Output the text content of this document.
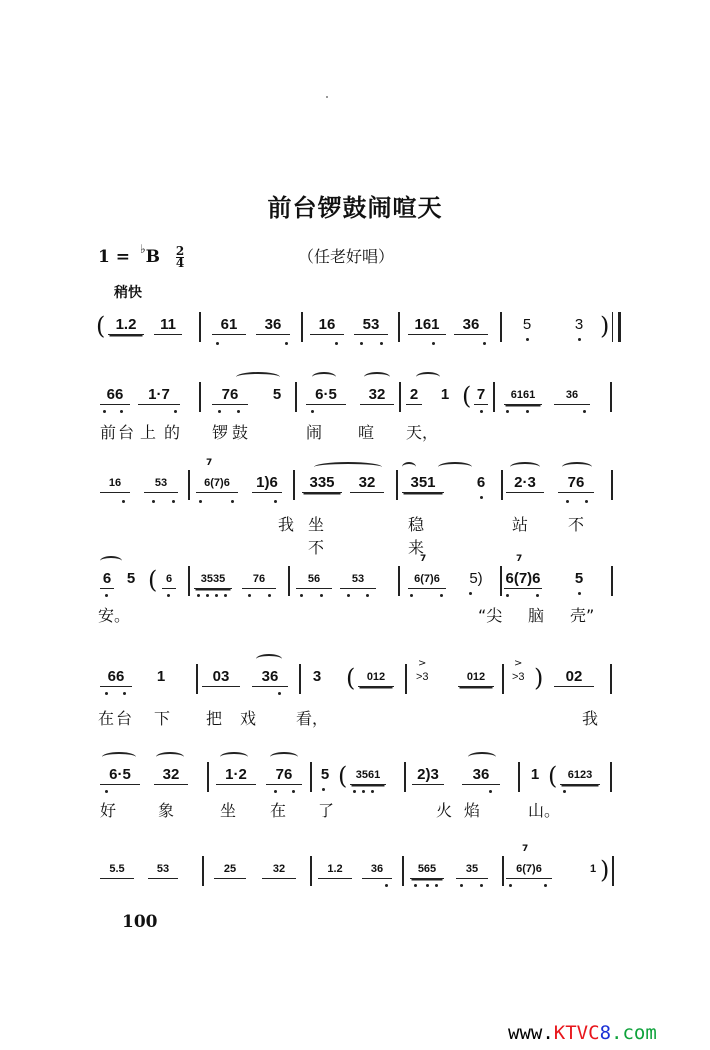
前台锣鼓闹喧天
$1 = ^♭B \frac{2}{4}$	（任老好唱）
稍快
( 1.2	11	61	36	16	53	161	36	5	3 )
66	1·7	76	5	6·5	32	2 1 ( 7	6161	36
前 台 上 的 锣 鼓	闹 喧 天，
16	53
7
6(7)6	1)6	335	32	351	6	2·3	76
我 坐不
稳来
站 不
6 5 ( 6	3535	76	56	53
7
6(7)6	5)
7
6(7)6 5
安。	“尖 脑 壳”
66	1	03	36	3 (	012
>
>3	012
>
>3 )	02
在 台 下 把 戏 看，	我
6·5	32	1·2	76	5 ( 3561	2)3	36	1 ( 6123
好	象	坐 在 了	火 焰	山。
5.5	53	25	32	1.2	36	565	35
7
6(7)6	1 )
100
www.KTVC8.com
